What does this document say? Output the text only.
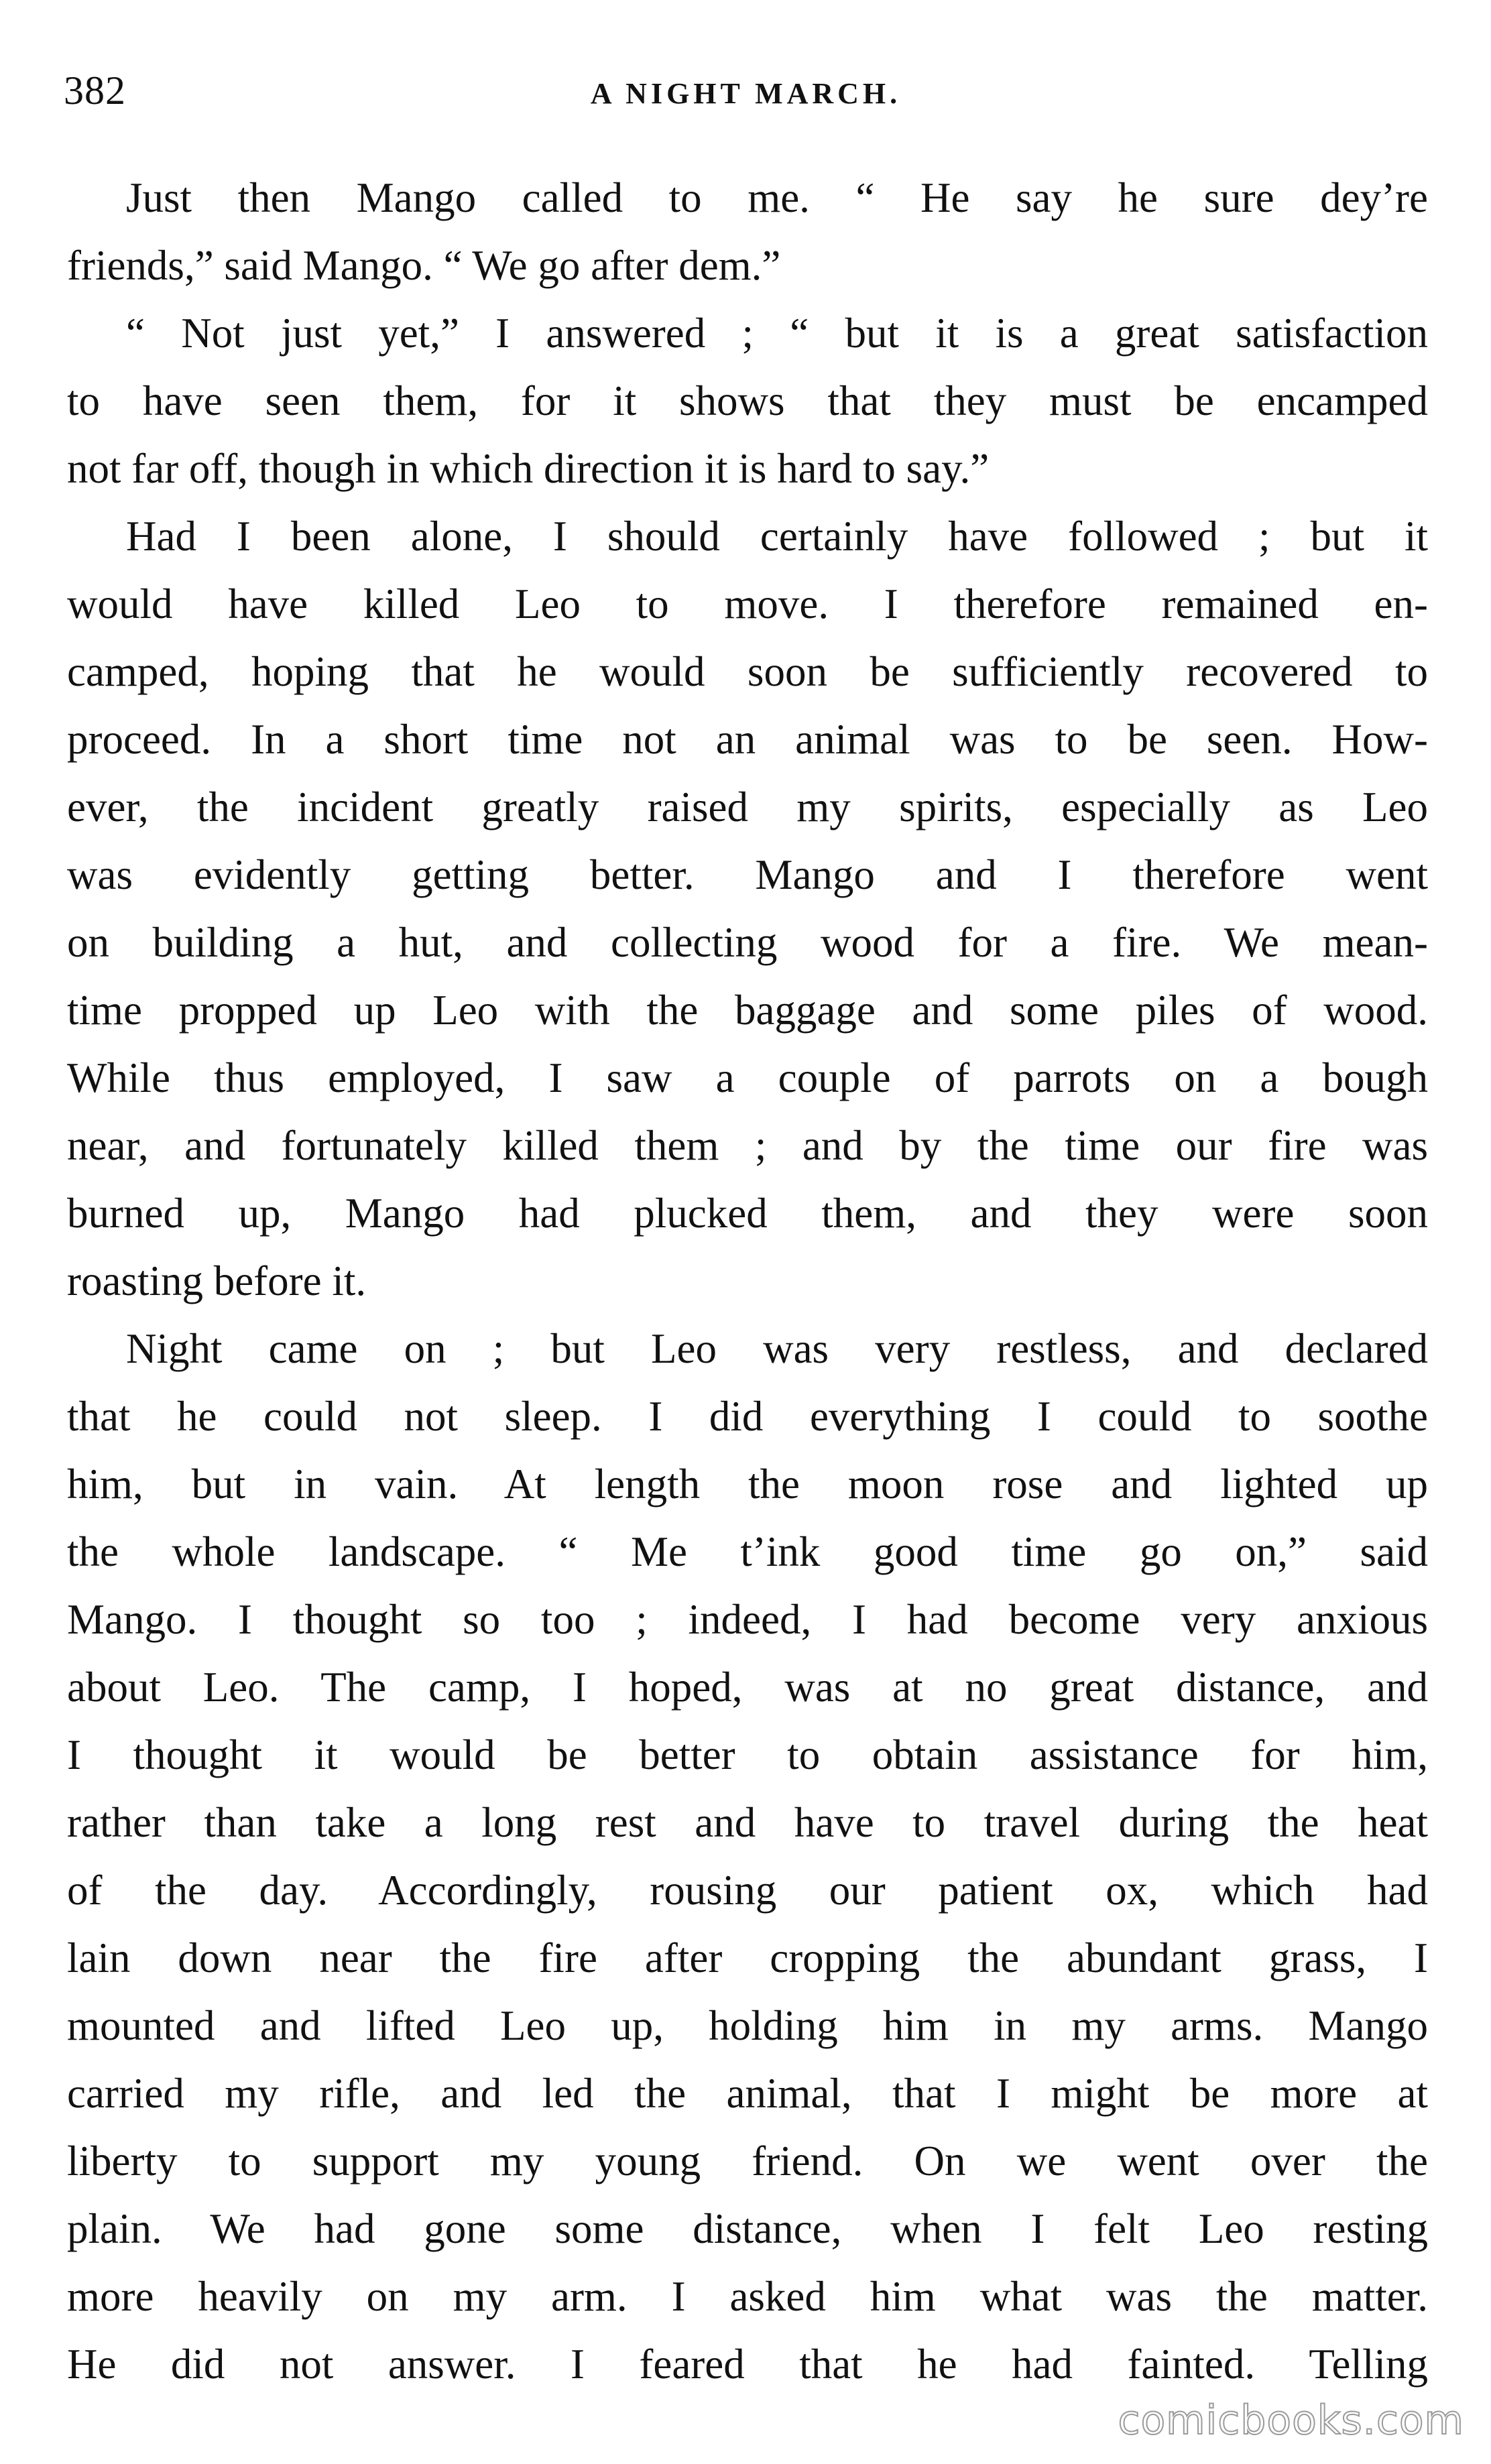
382	A NIGHT MARCH.

Just then Mango called to me. “ He say he sure dey’re
friends,” said Mango. “ We go after dem.”

“ Not just yet,” I answered ; “ but it is a great satisfaction
to have seen them, for it shows that they must be encamped
not far off, though in which direction it is hard to say.”

Had I been alone, I should certainly have followed ; but it
would have killed Leo to move. I therefore remained en-
camped, hoping that he would soon be sufficiently recovered to
proceed. In a short time not an animal was to be seen. How-
ever, the incident greatly raised my spirits, especially as Leo
was evidently getting better. Mango and I therefore went
on building a hut, and collecting wood for a fire. We mean-
time propped up Leo with the baggage and some piles of wood.
While thus employed, I saw a couple of parrots on a bough
near, and fortunately killed them ; and by the time our fire was
burned up, Mango had plucked them, and they were soon
roasting before it.

Night came on ; but Leo was very restless, and declared
that he could not sleep. I did everything I could to soothe
him, but in vain. At length the moon rose and lighted up
the whole landscape. “ Me t’ink good time go on,” said
Mango. I thought so too ; indeed, I had become very anxious
about Leo. The camp, I hoped, was at no great distance, and
I thought it would be better to obtain assistance for him,
rather than take a long rest and have to travel during the heat
of the day. Accordingly, rousing our patient ox, which had
lain down near the fire after cropping the abundant grass, I
mounted and lifted Leo up, holding him in my arms. Mango
carried my rifle, and led the animal, that I might be more at
liberty to support my young friend. On we went over the
plain. We had gone some distance, when I felt Leo resting
more heavily on my arm. I asked him what was the matter.
He did not answer. I feared that he had fainted. Telling

comicbooks.com
